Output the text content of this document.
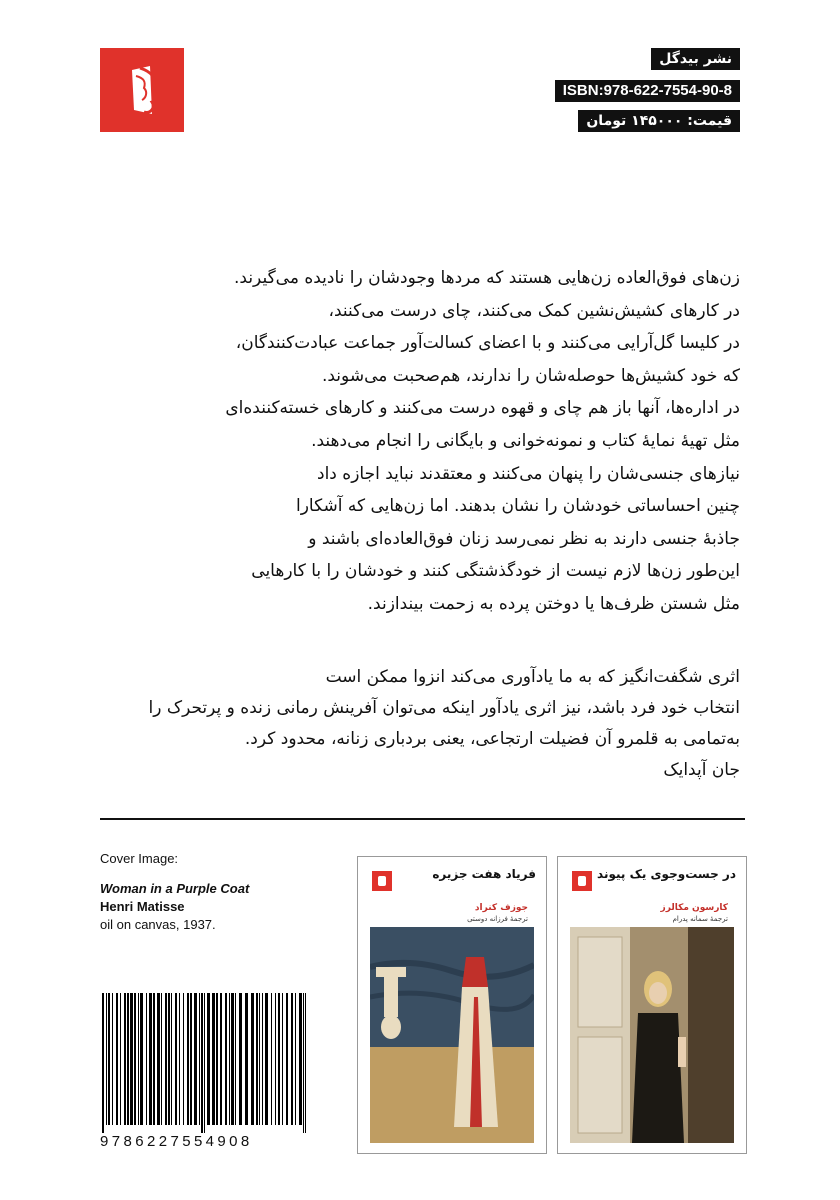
نشر بیدگل
ISBN:978-622-7554-90-8
قیمت: ۱۴۵۰۰۰ تومان
زن‌های فوق‌العاده زن‌هایی هستند که مردها وجودشان را نادیده می‌گیرند.
در کارهای کشیش‌نشین کمک می‌کنند، چای درست می‌کنند،
در کلیسا گل‌آرایی می‌کنند و با اعضای کسالت‌آور جماعت عبادت‌کنندگان،
که خود کشیش‌ها حوصله‌شان را ندارند، هم‌صحبت می‌شوند.
در اداره‌ها، آنها باز هم چای و قهوه درست می‌کنند و کارهای خسته‌کننده‌ای
مثل تهیهٔ نمایهٔ کتاب و نمونه‌خوانی و بایگانی را انجام می‌دهند.
نیازهای جنسی‌شان را پنهان می‌کنند و معتقدند نباید اجازه داد
چنین احساساتی خودشان را نشان بدهند. اما زن‌هایی که آشکارا
جاذبهٔ جنسی دارند به نظر نمی‌رسد زنان فوق‌العاده‌ای باشند و
این‌طور زن‌ها لازم نیست از خودگذشتگی کنند و خودشان را با کارهایی
مثل شستن ظرف‌ها یا دوختن پرده به زحمت بیندازند.
اثری شگفت‌انگیز که به ما یادآوری می‌کند انزوا ممکن است
انتخاب خود فرد باشد، نیز اثری یادآور اینکه می‌توان آفرینش رمانی زنده و پرتحرک را
به‌تمامی به قلمرو آن فضیلت ارتجاعی، یعنی بردباری زنانه، محدود کرد.
جان آپدایک
Cover Image:
Woman in a Purple Coat
Henri Matisse
oil on canvas, 1937.
9786227554908
در جست‌وجوی یک پیوند
کارسون مکالرز
ترجمهٔ سمانه پدرام
فریاد هفت جزیره
جوزف کنراد
ترجمهٔ فرزانه دوستی
